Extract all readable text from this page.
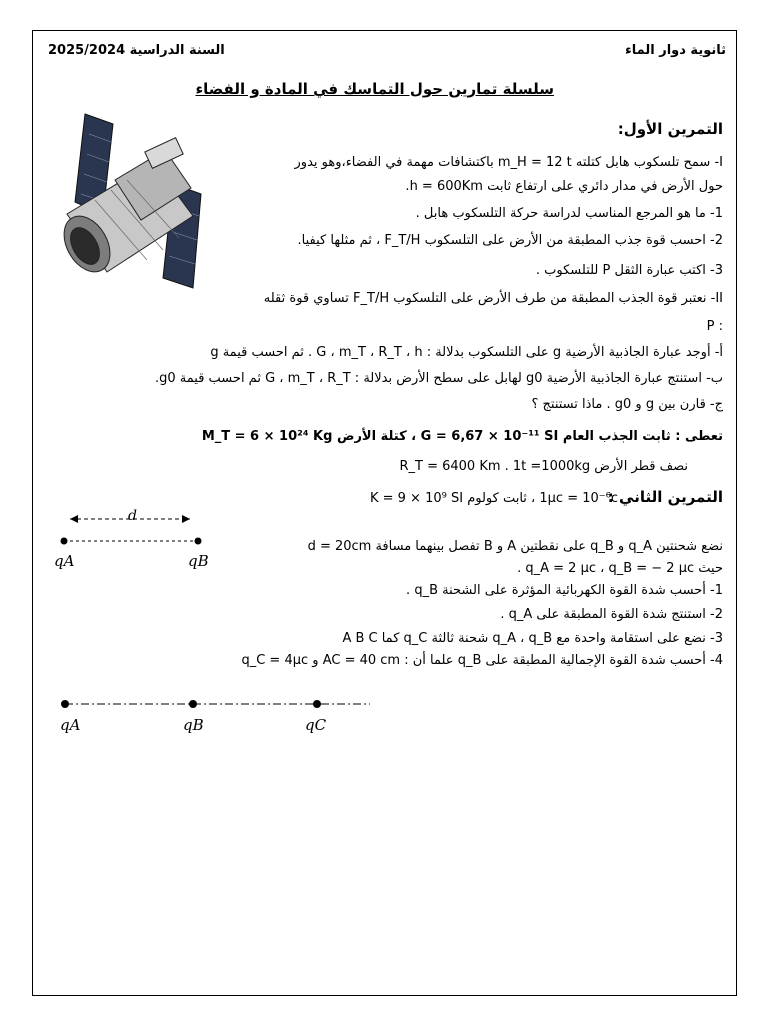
ثانوية دوار الماء
السنة الدراسية 2025/2024
سلسلة تمارين حول التماسك في المادة و الفضاء
التمرين الأول:
I- سمح تلسكوب هابل كتلته m_H = 12 t باكتشافات مهمة في الفضاء،وهو يدور
حول الأرض في مدار دائري على ارتفاع ثابت h = 600Km.
1- ما هو المرجع المناسب لدراسة حركة التلسكوب هابل .
2- احسب قوة جذب المطبقة من الأرض على التلسكوب F_T/H ، ثم مثلها كيفيا.
3- اكتب عبارة الثقل P للتلسكوب .
II- نعتبر قوة الجذب المطبقة من طرف الأرض على التلسكوب F_T/H تساوي قوة ثقله
: P
أ- أوجد عبارة الجاذبية الأرضية g على التلسكوب بدلالة : G ، m_T ، R_T ، h . ثم احسب قيمة g
ب- استنتج عبارة الجاذبية الأرضية g0 لهابل على سطح الأرض بدلالة : G ، m_T ، R_T ثم احسب قيمة g0.
ج- قارن بين g و g0 . ماذا تستنتج ؟
تعطى : ثابت الجذب العام G = 6,67 × 10⁻¹¹ SI ، كتلة الأرض M_T = 6 × 10²⁴ Kg
نصف قطر الأرض R_T = 6400 Km . 1t =1000kg
التمرين الثاني :
1μc = 10⁻⁶c ، ثابت كولوم K = 9 × 10⁹ SI
نضع شحنتين q_A و q_B على نقطتين A و B تفصل بينهما مسافة d = 20cm
حيث q_A = 2 μc ، q_B = − 2 μc .
1- أحسب شدة القوة الكهربائية المؤثرة على الشحنة q_B .
2- استنتج شدة القوة المطبقة على q_A .
3- نضع على استقامة واحدة مع q_A ، q_B شحنة ثالثة q_C كما A B C
4- أحسب شدة القوة الإجمالية المطبقة على q_B علما أن : AC = 40 cm و q_C = 4μc
d
qA	qB
qA	qB	qC
